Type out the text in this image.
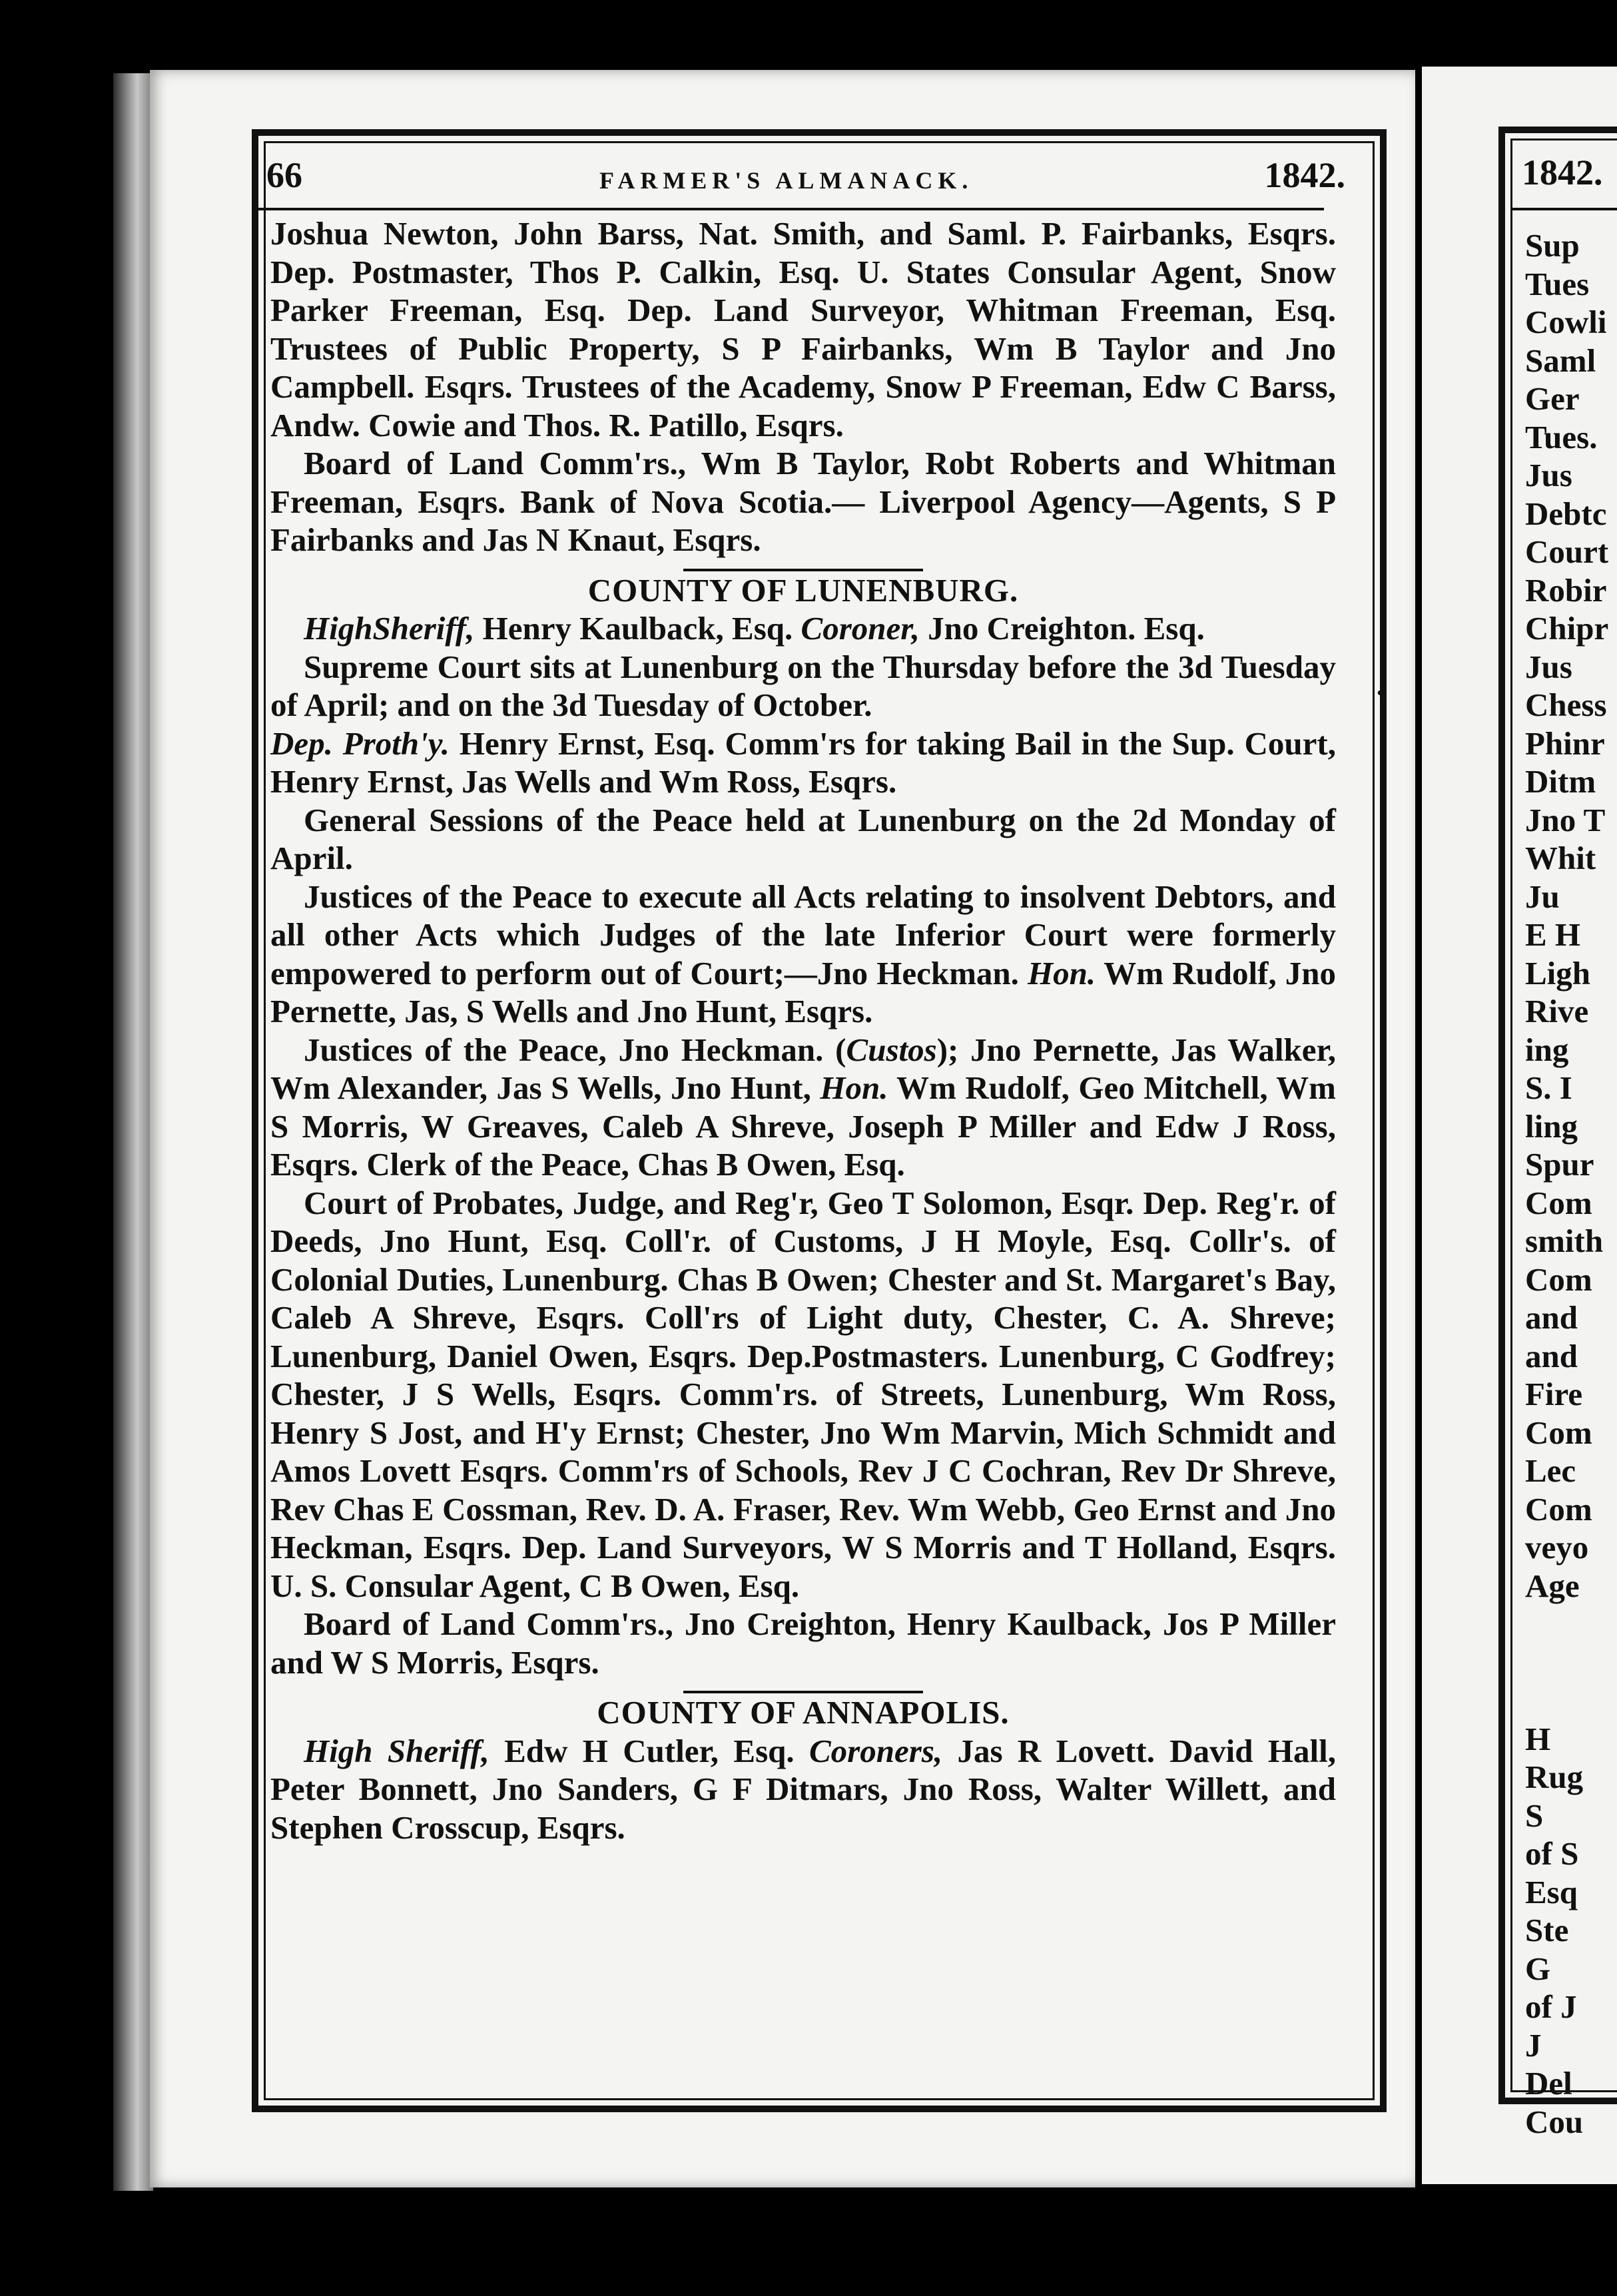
66	FARMER'S ALMANACK.	1842.

Joshua Newton, John Barss, Nat. Smith, and Saml. P. Fairbanks, Esqrs. Dep. Postmaster, Thos P. Calkin, Esq. U. States Consular Agent, Snow Parker Freeman, Esq. Dep. Land Surveyor, Whitman Freeman, Esq. Trustees of Public Property, S P Fairbanks, Wm B Taylor and Jno Campbell. Esqrs. Trustees of the Academy, Snow P Freeman, Edw C Barss, Andw. Cowie and Thos. R. Patillo, Esqrs.

Board of Land Comm'rs., Wm B Taylor, Robt Roberts and Whitman Freeman, Esqrs. Bank of Nova Scotia.— Liverpool Agency—Agents, S P Fairbanks and Jas N Knaut, Esqrs.

COUNTY OF LUNENBURG.

HighSheriff, Henry Kaulback, Esq. Coroner, Jno Creighton. Esq.

Supreme Court sits at Lunenburg on the Thursday before the 3d Tuesday of April; and on the 3d Tuesday of October.

Dep. Proth'y. Henry Ernst, Esq. Comm'rs for taking Bail in the Sup. Court, Henry Ernst, Jas Wells and Wm Ross, Esqrs.

General Sessions of the Peace held at Lunenburg on the 2d Monday of April.

Justices of the Peace to execute all Acts relating to insolvent Debtors, and all other Acts which Judges of the late Inferior Court were formerly empowered to perform out of Court;—Jno Heckman. Hon. Wm Rudolf, Jno Pernette, Jas, S Wells and Jno Hunt, Esqrs.

Justices of the Peace, Jno Heckman. (Custos); Jno Pernette, Jas Walker, Wm Alexander, Jas S Wells, Jno Hunt, Hon. Wm Rudolf, Geo Mitchell, Wm S Morris, W Greaves, Caleb A Shreve, Joseph P Miller and Edw J Ross, Esqrs. Clerk of the Peace, Chas B Owen, Esq.

Court of Probates, Judge, and Reg'r, Geo T Solomon, Esqr. Dep. Reg'r. of Deeds, Jno Hunt, Esq. Coll'r. of Customs, J H Moyle, Esq. Collr's. of Colonial Duties, Lunenburg. Chas B Owen; Chester and St. Margaret's Bay, Caleb A Shreve, Esqrs. Coll'rs of Light duty, Chester, C. A. Shreve; Lunenburg, Daniel Owen, Esqrs. Dep.Postmasters. Lunenburg, C Godfrey; Chester, J S Wells, Esqrs. Comm'rs. of Streets, Lunenburg, Wm Ross, Henry S Jost, and H'y Ernst; Chester, Jno Wm Marvin, Mich Schmidt and Amos Lovett Esqrs. Comm'rs of Schools, Rev J C Cochran, Rev Dr Shreve, Rev Chas E Cossman, Rev. D. A. Fraser, Rev. Wm Webb, Geo Ernst and Jno Heckman, Esqrs. Dep. Land Surveyors, W S Morris and T Holland, Esqrs. U. S. Consular Agent, C B Owen, Esq.

Board of Land Comm'rs., Jno Creighton, Henry Kaulback, Jos P Miller and W S Morris, Esqrs.

COUNTY OF ANNAPOLIS.

High Sheriff, Edw H Cutler, Esq. Coroners, Jas R Lovett. David Hall, Peter Bonnett, Jno Sanders, G F Ditmars, Jno Ross, Walter Willett, and Stephen Crosscup, Esqrs.

1842.
Sup
Tues
Cowli
Saml
Ger
Tues.
Jus
Debtc
Court
Robir
Chipr
Jus
Chess
Phinr
Ditm
Jno T
Whit
Ju
E H
Ligh
Rive
ing
S. I
ling
Spur
Com
smith
Com
and
and
Fire
Com
Lec
Com
veyo
Age

H
Rug
S
of S
Esq
Ste
G
of J
J
Del
Cou
·
